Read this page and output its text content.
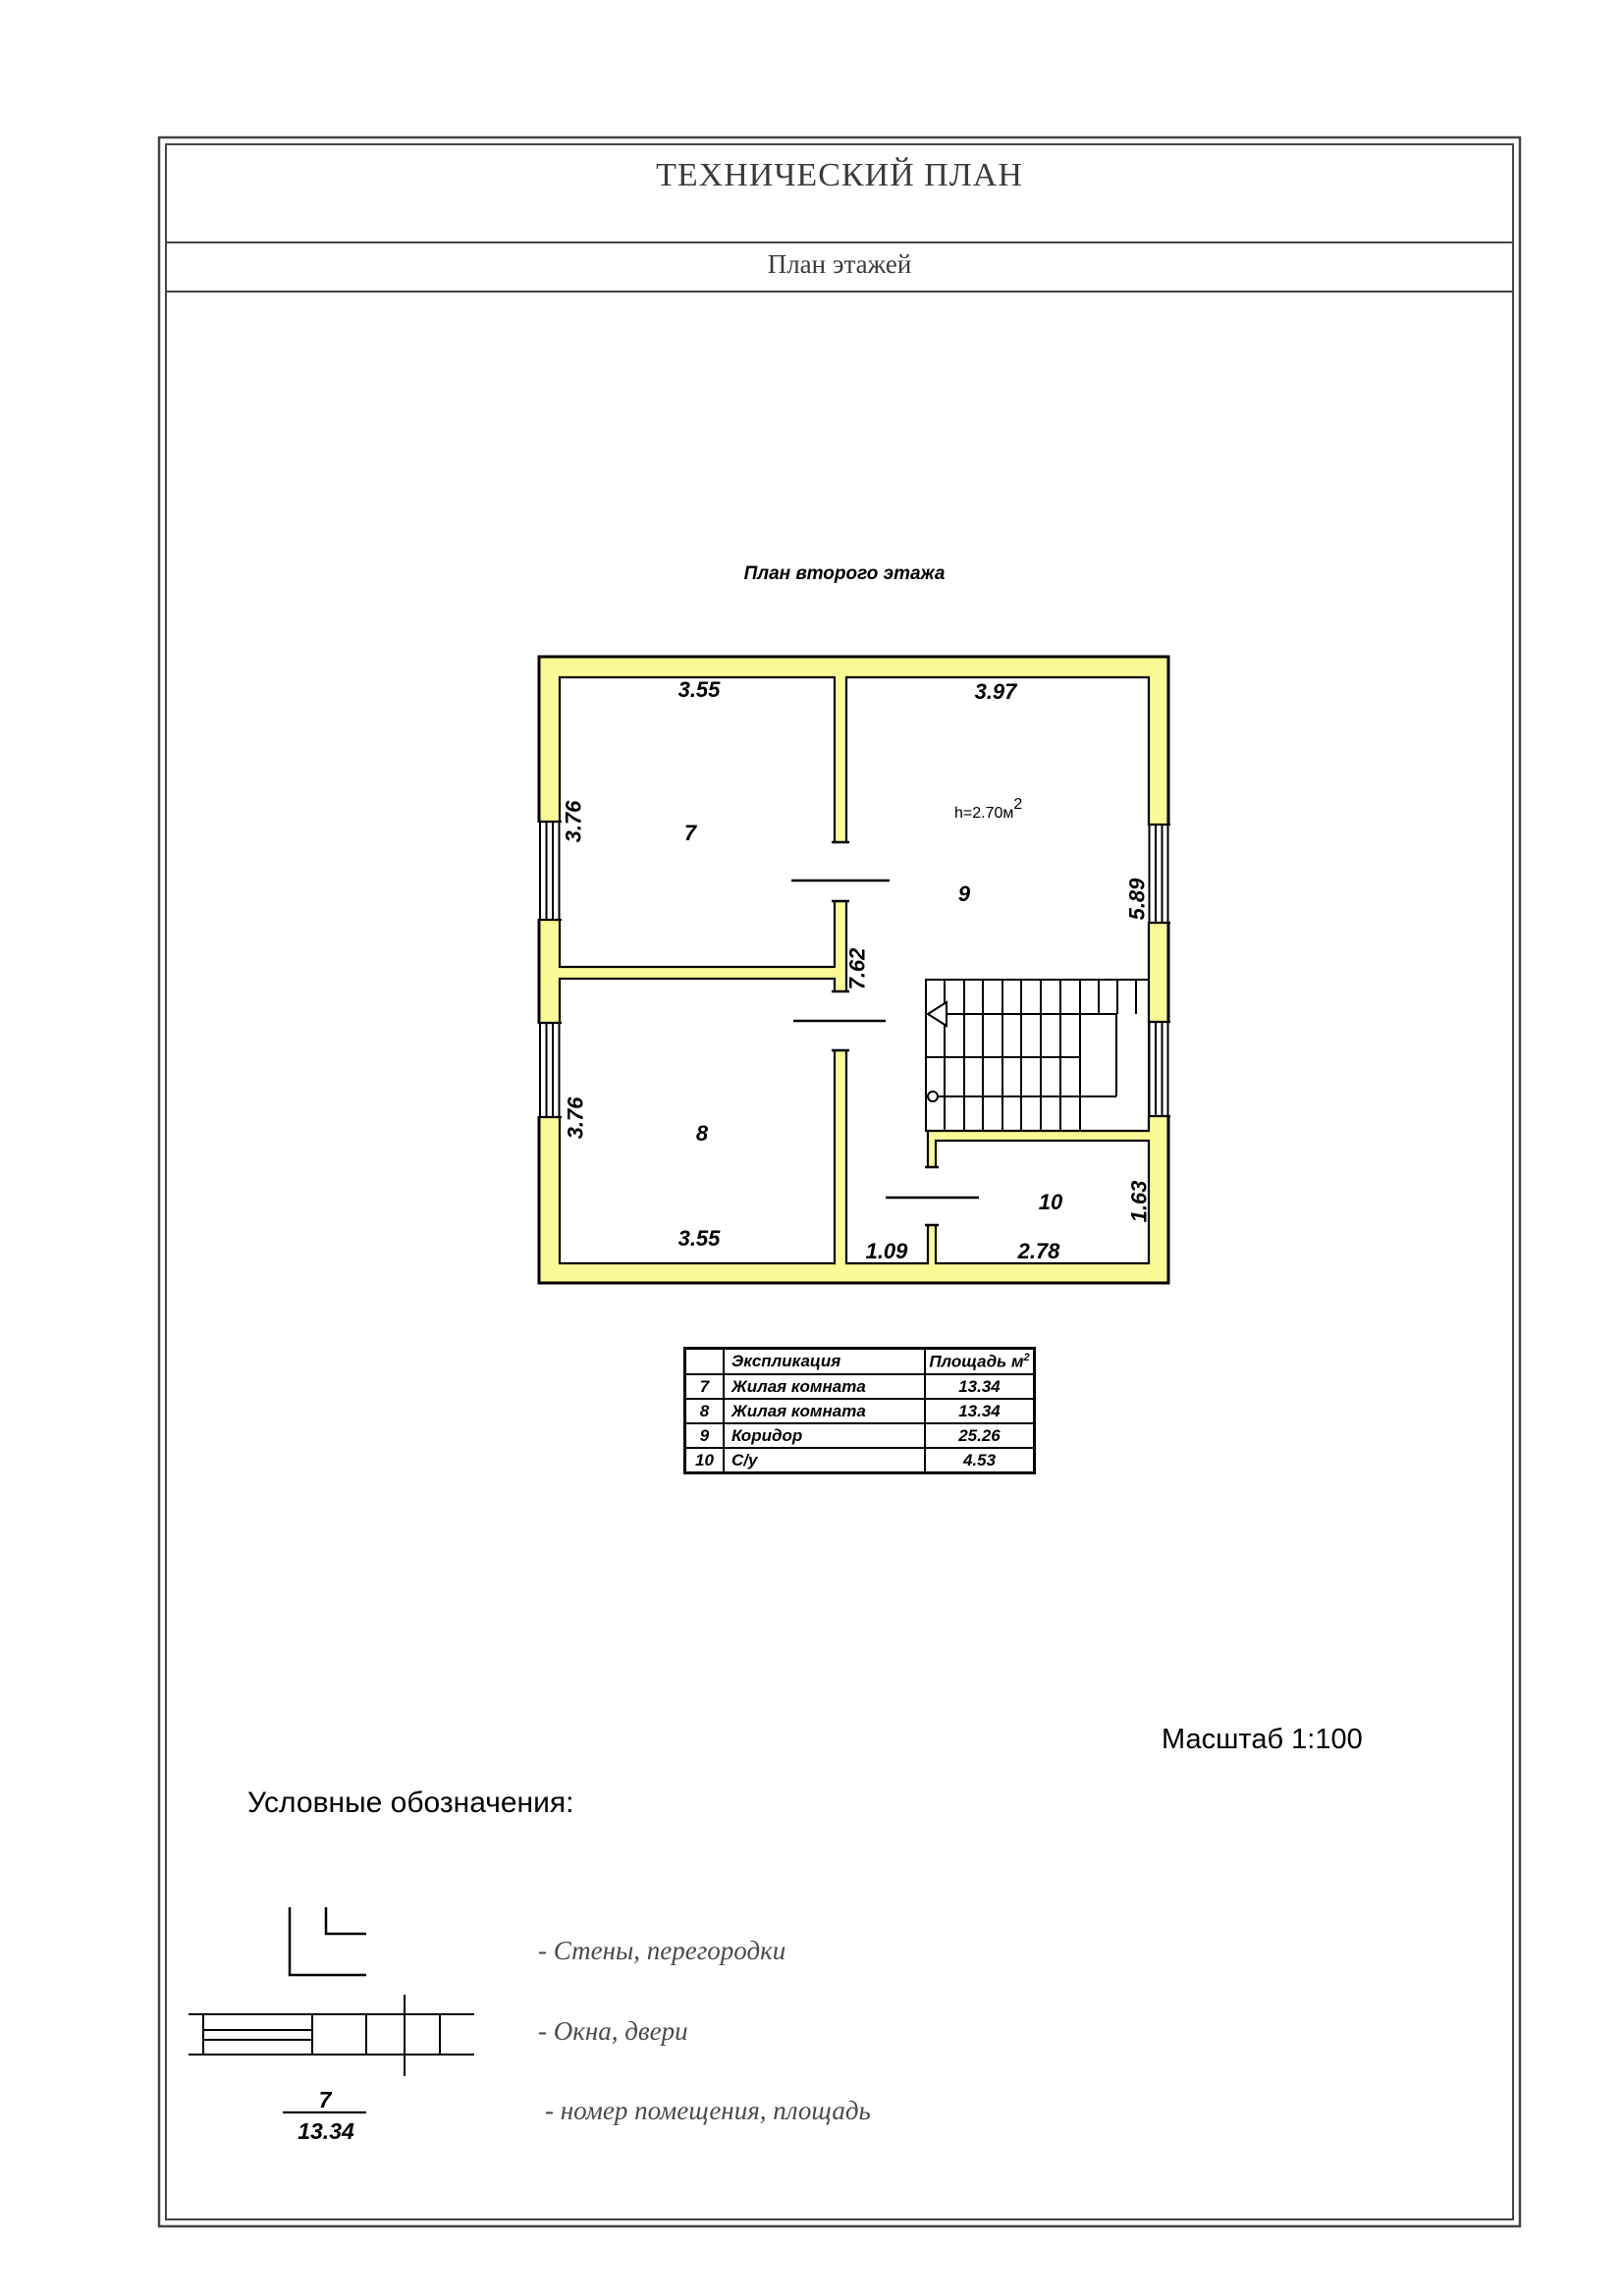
3.55	3.97
3.55
1.09	2.78
3.76
3.76
5.89
7.62
1.63
7
9
8
10
h=2.70м2
7
13.34
ТЕХНИЧЕСКИЙ ПЛАН
План этажей
План второго этажа
	Экспликация	Площадь $м^2$
7	Жилая комната	13.34
8	Жилая комната	13.34
9	Коридор	25.26
10	С/у	4.53
Масштаб 1:100
Условные обозначения:
- Стены, перегородки
- Окна, двери
- номер помещения, площадь
